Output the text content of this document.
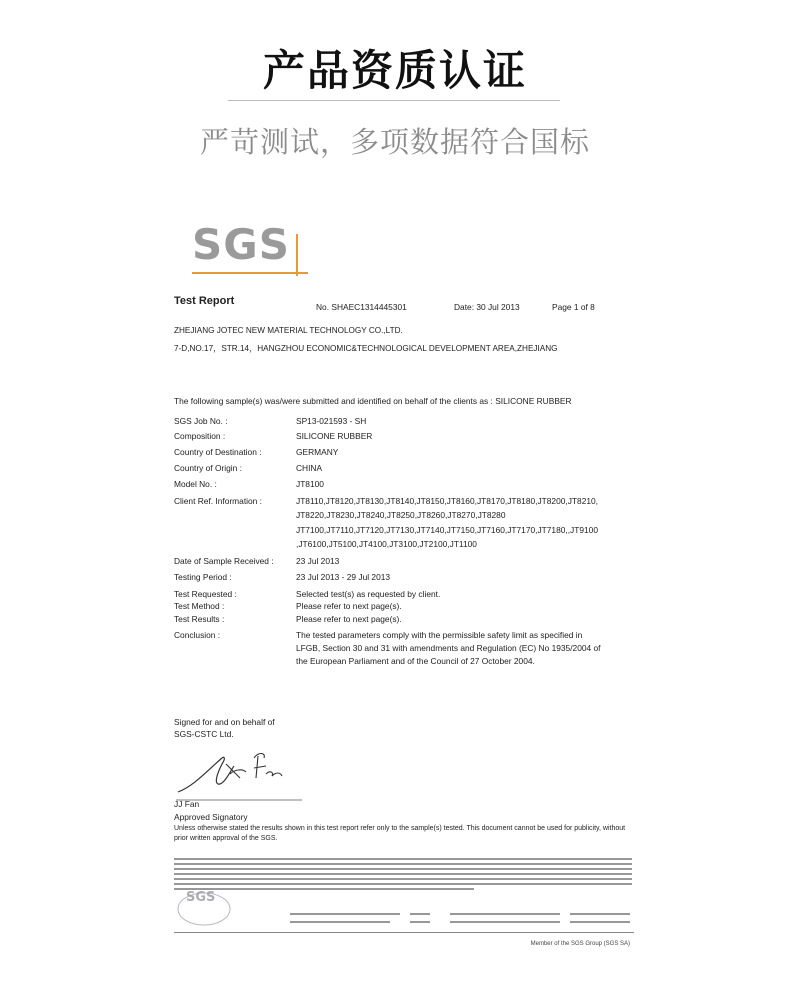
产品资质认证
严苛测试，多项数据符合国标
SGS
Test Report	No. SHAEC1314445301	Date: 30 Jul 2013	Page 1 of 8
ZHEJIANG JOTEC NEW MATERIAL TECHNOLOGY CO.,LTD.
7-D,NO.17，STR.14，HANGZHOU ECONOMIC&TECHNOLOGICAL DEVELOPMENT AREA,ZHEJIANG
The following sample(s) was/were submitted and identified on behalf of the clients as : SILICONE RUBBER
SGS Job No. :	SP13-021593 - SH
Composition :	SILICONE RUBBER
Country of Destination :	GERMANY
Country of Origin :	CHINA
Model No. :	JT8100
Client Ref. Information :	JT8110,JT8120,JT8130,JT8140,JT8150,JT8160,JT8170,JT8180,JT8200,JT8210,
JT8220,JT8230,JT8240,JT8250,JT8260,JT8270,JT8280
JT7100,JT7110,JT7120,JT7130,JT7140,JT7150,JT7160,JT7170,JT7180,,JT9100
,JT6100,JT5100,JT4100,JT3100,JT2100,JT1100
Date of Sample Received :	23 Jul 2013
Testing Period :	23 Jul 2013 - 29 Jul 2013
Test Requested :	Selected test(s) as requested by client.
Test Method :	Please refer to next page(s).
Test Results :	Please refer to next page(s).
Conclusion :	The tested parameters comply with the permissible safety limit as specified in
LFGB, Section 30 and 31 with amendments and Regulation (EC) No 1935/2004 of
the European Parliament and of the Council of 27 October 2004.
Signed for and on behalf of
SGS-CSTC Ltd.
JJ Fan
Approved Signatory
Unless otherwise stated the results shown in this test report refer only to the sample(s) tested. This document cannot be used for publicity, without
prior written approval of the SGS.
SGS
Member of the SGS Group (SGS SA)
